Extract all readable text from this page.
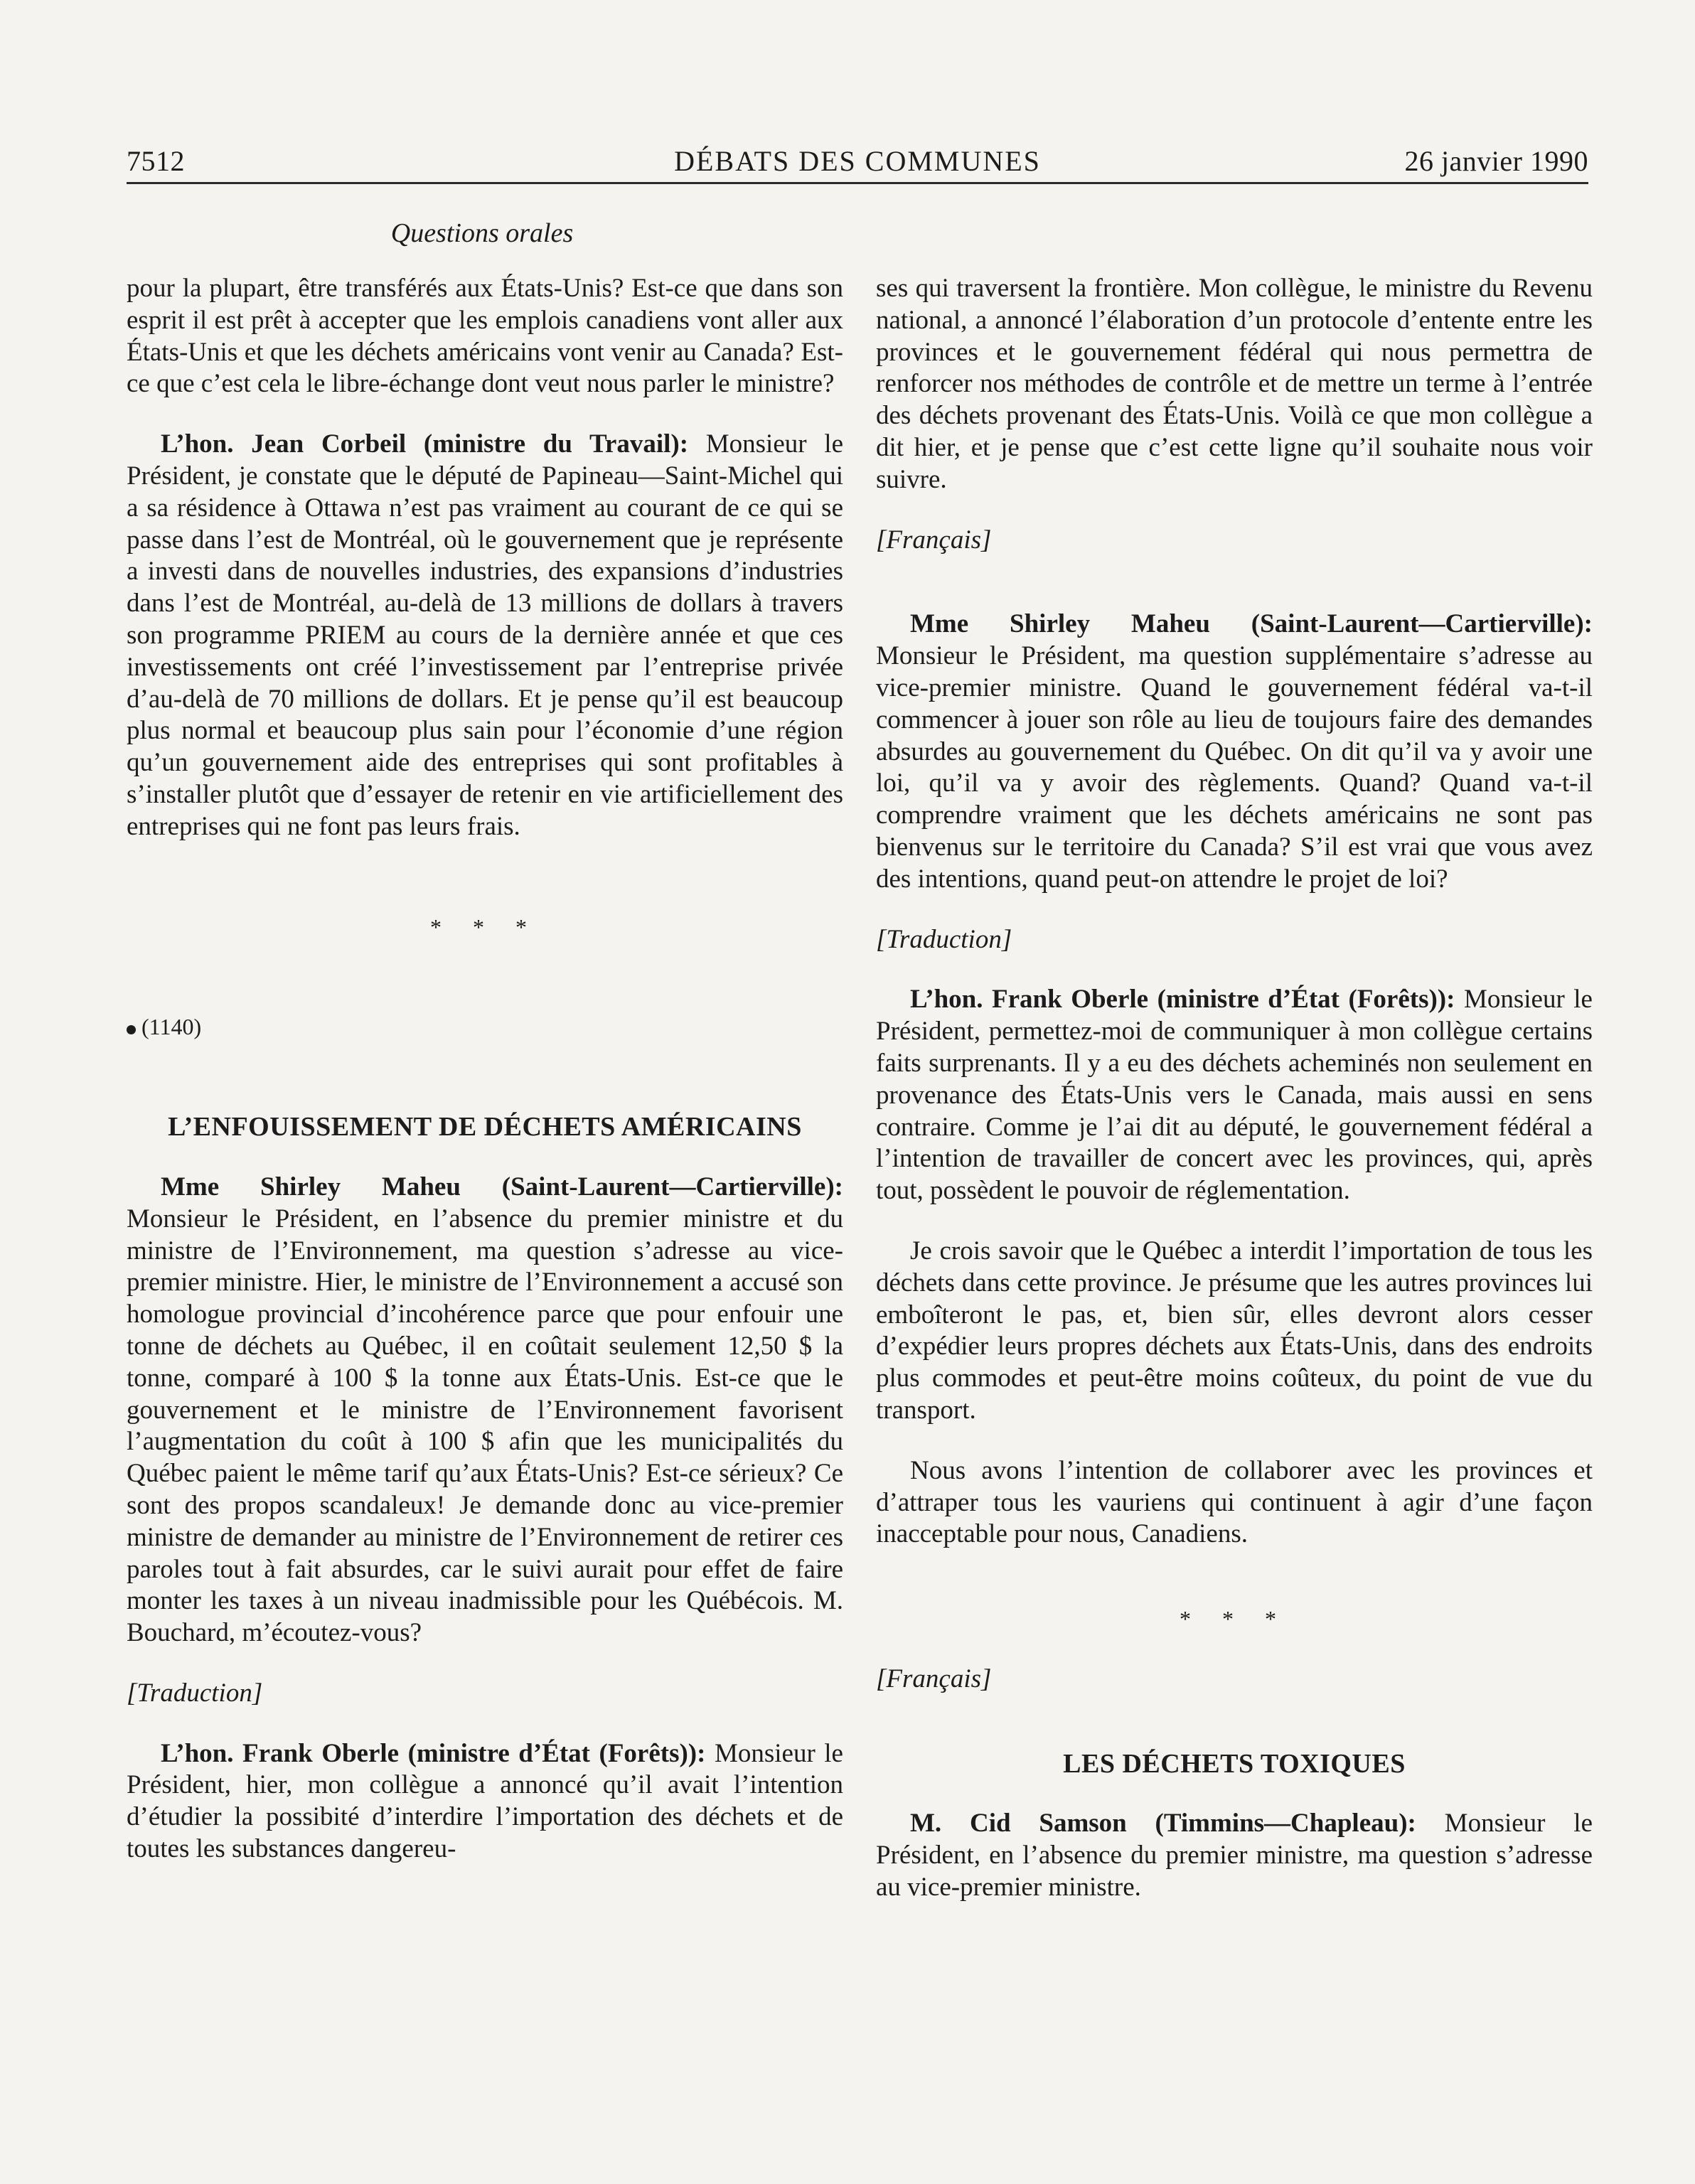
7512	DÉBATS DES COMMUNES	26 janvier 1990
Questions orales

pour la plupart, être transférés aux États-Unis? Est-ce que dans son esprit il est prêt à accepter que les emplois canadiens vont aller aux États-Unis et que les déchets américains vont venir au Canada? Est-ce que c’est cela le libre-échange dont veut nous parler le ministre?

L’hon. Jean Corbeil (ministre du Travail): Monsieur le Président, je constate que le député de Papineau—Saint-Michel qui a sa résidence à Ottawa n’est pas vraiment au courant de ce qui se passe dans l’est de Montréal, où le gouvernement que je représente a investi dans de nouvelles industries, des expansions d’industries dans l’est de Montréal, au-delà de 13 millions de dollars à travers son programme PRIEM au cours de la dernière année et que ces investissements ont créé l’investissement par l’entreprise privée d’au-delà de 70 millions de dollars. Et je pense qu’il est beaucoup plus normal et beaucoup plus sain pour l’économie d’une région qu’un gouvernement aide des entreprises qui sont profitables à s’installer plutôt que d’essayer de retenir en vie artificiellement des entreprises qui ne font pas leurs frais.

* * *

(1140)

L’ENFOUISSEMENT DE DÉCHETS AMÉRICAINS

Mme Shirley Maheu (Saint-Laurent—Cartierville): Monsieur le Président, en l’absence du premier ministre et du ministre de l’Environnement, ma question s’adresse au vice-premier ministre. Hier, le ministre de l’Environnement a accusé son homologue provincial d’incohérence parce que pour enfouir une tonne de déchets au Québec, il en coûtait seulement 12,50 $ la tonne, comparé à 100 $ la tonne aux États-Unis. Est-ce que le gouvernement et le ministre de l’Environnement favorisent l’augmentation du coût à 100 $ afin que les municipalités du Québec paient le même tarif qu’aux États-Unis? Est-ce sérieux? Ce sont des propos scandaleux! Je demande donc au vice-premier ministre de demander au ministre de l’Environnement de retirer ces paroles tout à fait absurdes, car le suivi aurait pour effet de faire monter les taxes à un niveau inadmissible pour les Québécois. M. Bouchard, m’écoutez-vous?

[Traduction]

L’hon. Frank Oberle (ministre d’État (Forêts)): Monsieur le Président, hier, mon collègue a annoncé qu’il avait l’intention d’étudier la possibité d’interdire l’importation des déchets et de toutes les substances dangereu-

ses qui traversent la frontière. Mon collègue, le ministre du Revenu national, a annoncé l’élaboration d’un protocole d’entente entre les provinces et le gouvernement fédéral qui nous permettra de renforcer nos méthodes de contrôle et de mettre un terme à l’entrée des déchets provenant des États-Unis. Voilà ce que mon collègue a dit hier, et je pense que c’est cette ligne qu’il souhaite nous voir suivre.

[Français]

Mme Shirley Maheu (Saint-Laurent—Cartierville): Monsieur le Président, ma question supplémentaire s’adresse au vice-premier ministre. Quand le gouvernement fédéral va-t-il commencer à jouer son rôle au lieu de toujours faire des demandes absurdes au gouvernement du Québec. On dit qu’il va y avoir une loi, qu’il va y avoir des règlements. Quand? Quand va-t-il comprendre vraiment que les déchets américains ne sont pas bienvenus sur le territoire du Canada? S’il est vrai que vous avez des intentions, quand peut-on attendre le projet de loi?

[Traduction]

L’hon. Frank Oberle (ministre d’État (Forêts)): Monsieur le Président, permettez-moi de communiquer à mon collègue certains faits surprenants. Il y a eu des déchets acheminés non seulement en provenance des États-Unis vers le Canada, mais aussi en sens contraire. Comme je l’ai dit au député, le gouvernement fédéral a l’intention de travailler de concert avec les provinces, qui, après tout, possèdent le pouvoir de réglementation.

Je crois savoir que le Québec a interdit l’importation de tous les déchets dans cette province. Je présume que les autres provinces lui emboîteront le pas, et, bien sûr, elles devront alors cesser d’expédier leurs propres déchets aux États-Unis, dans des endroits plus commodes et peut-être moins coûteux, du point de vue du transport.

Nous avons l’intention de collaborer avec les provinces et d’attraper tous les vauriens qui continuent à agir d’une façon inacceptable pour nous, Canadiens.

* * *

[Français]

LES DÉCHETS TOXIQUES

M. Cid Samson (Timmins—Chapleau): Monsieur le Président, en l’absence du premier ministre, ma question s’adresse au vice-premier ministre.
